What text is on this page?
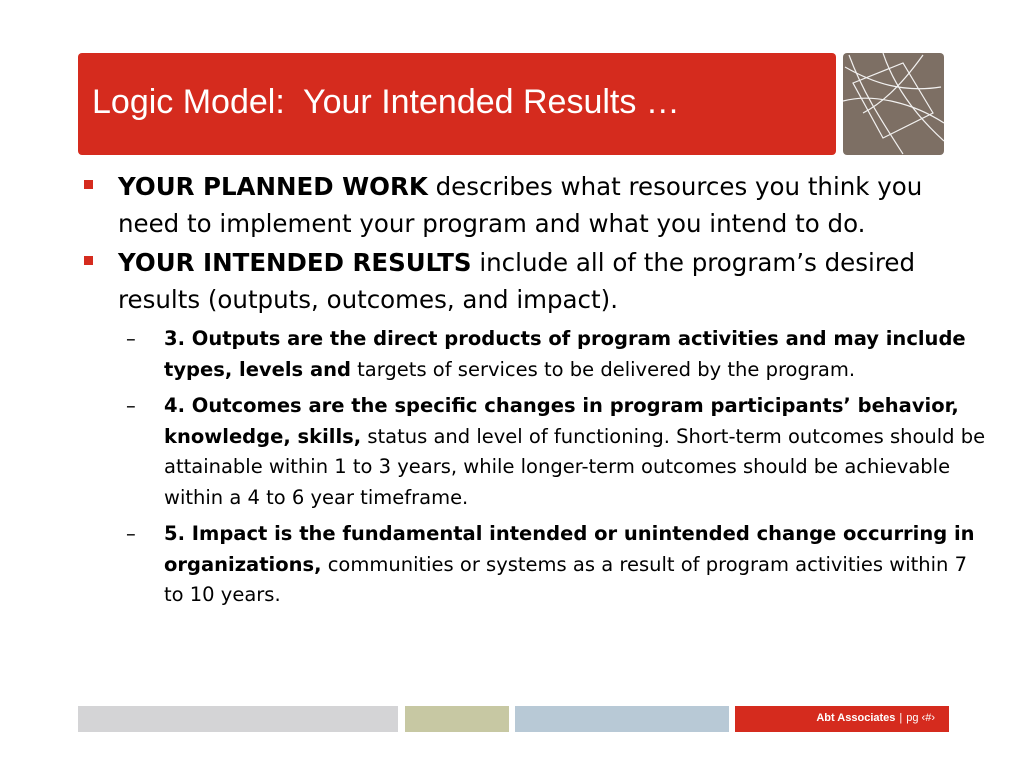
Logic Model:  Your Intended Results …
YOUR PLANNED WORK describes what resources you think you need to implement your program and what you intend to do.
YOUR INTENDED RESULTS include all of the program’s desired results (outputs, outcomes, and impact).
– 3. Outputs are the direct products of program activities and may include types, levels and targets of services to be delivered by the program.
– 4. Outcomes are the specific changes in program participants’ behavior, knowledge, skills, status and level of functioning. Short-term outcomes should be attainable within 1 to 3 years, while longer-term outcomes should be achievable within a 4 to 6 year timeframe.
– 5. Impact is the fundamental intended or unintended change occurring in organizations, communities or systems as a result of program activities within 7 to 10 years.
Abt Associates | pg ‹#›
